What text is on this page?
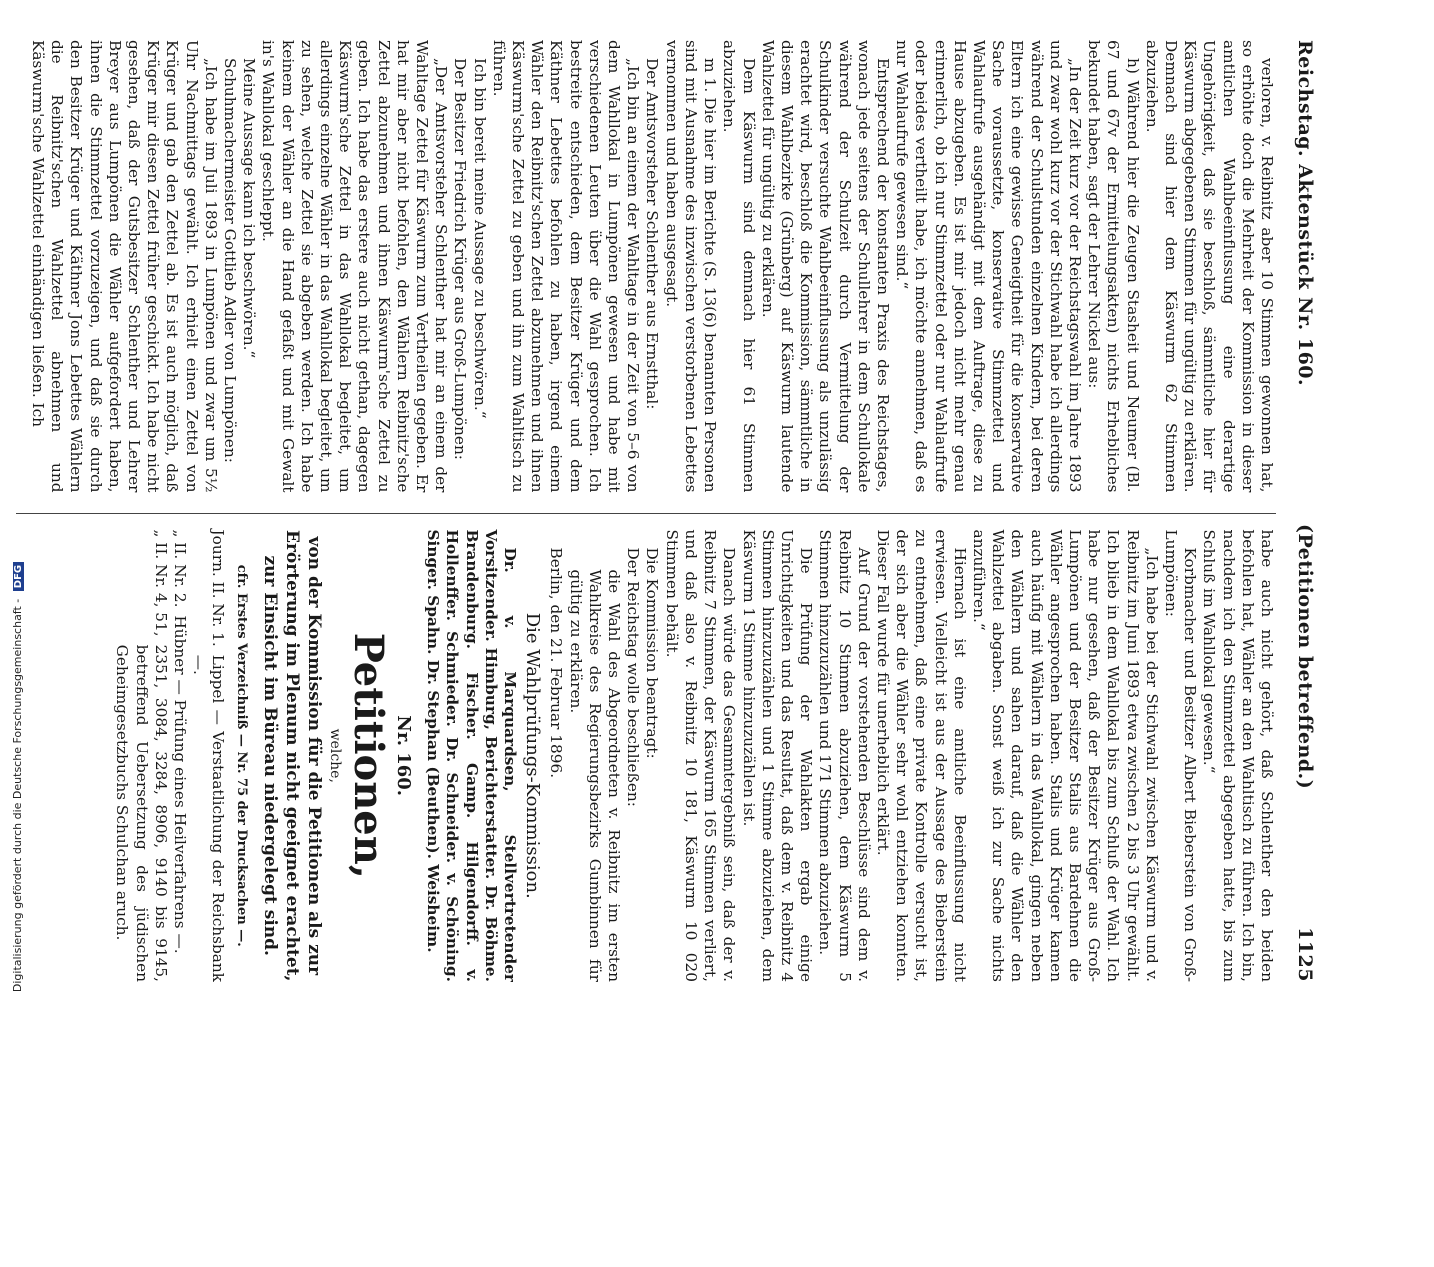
Reichstag. Aktenstück Nr. 160.
(Petitionen betreffend.)
1125

verloren, v. Reibnitz aber 10 Stimmen gewonnen hat, so erhöhte doch die Mehrheit der Kommission in dieser amtlichen Wahlbeeinflussung eine derartige Ungehörigkeit, daß sie beschloß, sämmtliche hier für Käswurm abgegebenen Stimmen für ungültig zu erklären. Demnach sind hier dem Käswurm 62 Stimmen abzuziehen.

h) Während hier die Zeugen Stasheit und Neumer (Bl. 67 und 67v der Ermittelungsakten) nichts Erhebliches bekundet haben, sagt der Lehrer Nickel aus:

„In der Zeit kurz vor der Reichstagswahl im Jahre 1893 und zwar wohl kurz vor der Stichwahl habe ich allerdings während der Schulstunden einzelnen Kindern, bei deren Eltern ich eine gewisse Geneigtheit für die konservative Sache voraussetzte, konservative Stimmzettel und Wahlaufrufe ausgehändigt mit dem Auftrage, diese zu Hause abzugeben. Es ist mir jedoch nicht mehr genau erinnerlich, ob ich nur Stimmzettel oder nur Wahlaufrufe oder beides vertheilt habe, ich möchte annehmen, daß es nur Wahlaufrufe gewesen sind.“

Entsprechend der konstanten Praxis des Reichstages, wonach jede seitens der Schullehrer in dem Schullokale während der Schulzeit durch Vermittelung der Schulkinder versuchte Wahlbeeinflussung als unzulässig erachtet wird, beschloß die Kommission, sämmtliche in diesem Wahlbezirke (Grünberg) auf Käswurm lautende Wahlzettel für ungültig zu erklären.

Dem Käswurm sind demnach hier 61 Stimmen abzuziehen.

m 1. Die hier im Berichte (S. 13(6) benannten Personen sind mit Ausnahme des inzwischen verstorbenen Lebettes vernommen und haben ausgesagt.

Der Amtsvorsteher Schlenther aus Ernstthal:

„Ich bin an einem der Wahltage in der Zeit von 5–6 von dem Wahllokal in Lumpönen gewesen und habe mit verschiedenen Leuten über die Wahl gesprochen. Ich bestreite entschieden, dem Besitzer Krüger und dem Käthner Lebettes befohlen zu haben, irgend einem Wähler den Reibnitz'schen Zettel abzunehmen und ihnen Käswurm'sche Zettel zu geben und ihn zum Wahltisch zu führen.

Ich bin bereit meine Aussage zu beschwören.“

Der Besitzer Friedrich Krüger aus Groß-Lumpönen:

„Der Amtsvorsteher Schlenther hat mir an einem der Wahltage Zettel für Käswurm zum Vertheilen gegeben. Er hat mir aber nicht befohlen, den Wählern Reibnitz'sche Zettel abzunehmen und ihnen Käswurm'sche Zettel zu geben. Ich habe das erstere auch nicht gethan, dagegen Käswurm'sche Zettel in das Wahllokal begleitet, um allerdings einzelne Wähler in das Wahllokal begleitet, um zu sehen, welche Zettel sie abgeben werden. Ich habe keinem der Wähler an die Hand gefaßt und mit Gewalt in's Wahllokal geschleppt.

Meine Aussage kann ich beschwören.“

Schuhmachermeister Gottlieb Adler von Lumpönen:

„Ich habe im Juli 1893 in Lumpönen und zwar um 5½ Uhr Nachmittags gewählt. Ich erhielt einen Zettel von Krüger und gab den Zettel ab. Es ist auch möglich, daß Krüger mir diesen Zettel früher geschickt. Ich habe nicht gesehen, daß der Gutsbesitzer Schlenther und Lehrer Breyer aus Lumpönen die Wähler aufgefordert haben, ihnen die Stimmzettel vorzuzeigen, und daß sie durch den Besitzer Krüger und Käthner Jons Lebettes Wählern die Reibnitz'schen Wahlzettel abnehmen und Käswurm'sche Wahlzettel einhändigen ließen. Ich

habe auch nicht gehört, daß Schlenther den beiden befohlen hat, Wähler an den Wahltisch zu führen. Ich bin, nachdem ich den Stimmzettel abgegeben hatte, bis zum Schluß im Wahllokal gewesen.“

Korbmacher und Besitzer Albert Bieberstein von Groß-Lumpönen:

„Ich habe bei der Stichwahl zwischen Käswurm und v. Reibnitz im Juni 1893 etwa zwischen 2 bis 3 Uhr gewählt. Ich blieb in dem Wahllokal bis zum Schluß der Wahl. Ich habe nur gesehen, daß der Besitzer Krüger aus Groß-Lumpönen und der Besitzer Stalis aus Bardehnen die Wähler angesprochen haben. Stalis und Krüger kamen auch häufig mit Wählern in das Wahllokal, gingen neben den Wählern und sahen darauf, daß die Wähler den Wahlzettel abgaben. Sonst weiß ich zur Sache nichts anzuführen.“

Hiernach ist eine amtliche Beeinflussung nicht erwiesen. Vielleicht ist aus der Aussage des Bieberstein zu entnehmen, daß eine private Kontrolle versucht ist, der sich aber die Wähler sehr wohl entziehen konnten. Dieser Fall wurde für unerheblich erklärt.

Auf Grund der vorstehenden Beschlüsse sind dem v. Reibnitz 10 Stimmen abzuziehen, dem Käswurm 5 Stimmen hinzuzuzählen und 171 Stimmen abzuziehen.

Die Prüfung der Wahlakten ergab einige Unrichtigkeiten und das Resultat, daß dem v. Reibnitz 4 Stimmen hinzuzuzählen und 1 Stimme abzuziehen, dem Käswurm 1 Stimme hinzuzuzählen ist.

Danach würde das Gesammtergebniß sein, daß der v. Reibnitz 7 Stimmen, der Käswurm 165 Stimmen verliert, und daß also v. Reibnitz 10 181, Käswurm 10 020 Stimmen behält.

Die Kommission beantragt:

Der Reichstag wolle beschließen:

die Wahl des Abgeordneten v. Reibnitz im ersten Wahlkreise des Regierungsbezirks Gumbinnen für gültig zu erklären.

Berlin, den 21. Februar 1896.

Die Wahlprüfungs-Kommission.

Dr. v. Marquardsen, Stellvertretender Vorsitzender. Himburg, Berichterstatter. Dr. Böhme. Brandenburg. Fischer. Gamp. Hilgendorff. v. Hollenffer. Schmieder. Dr. Schneider. v. Schöning. Singer. Spahn. Dr. Stephan (Beuthen). Weisheim.

Nr. 160.
Petitionen,
welche,
von der Kommission für die Petitionen als zur Erörterung im Plenum nicht geeignet erachtet, zur Einsicht im Büreau niedergelegt sind.
cfr. Erstes Verzeichniß — Nr. 75 der Drucksachen —.
Journ. II. Nr. 1.
Lippel — Verstaatlichung der Reichsbank —.
„ II. Nr. 2.
Hübner — Prüfung eines Heilverfahrens —.
„ II. Nr. 4, 51,
2351, 3084, 3284, 8906, 9140 bis 9145, betreffend Uebersetzung des jüdischen Geheimgesetzbuchs Schulchan aruch.
Digitalisierung gefördert durch die Deutsche Forschungsgemeinschaft - DFG
